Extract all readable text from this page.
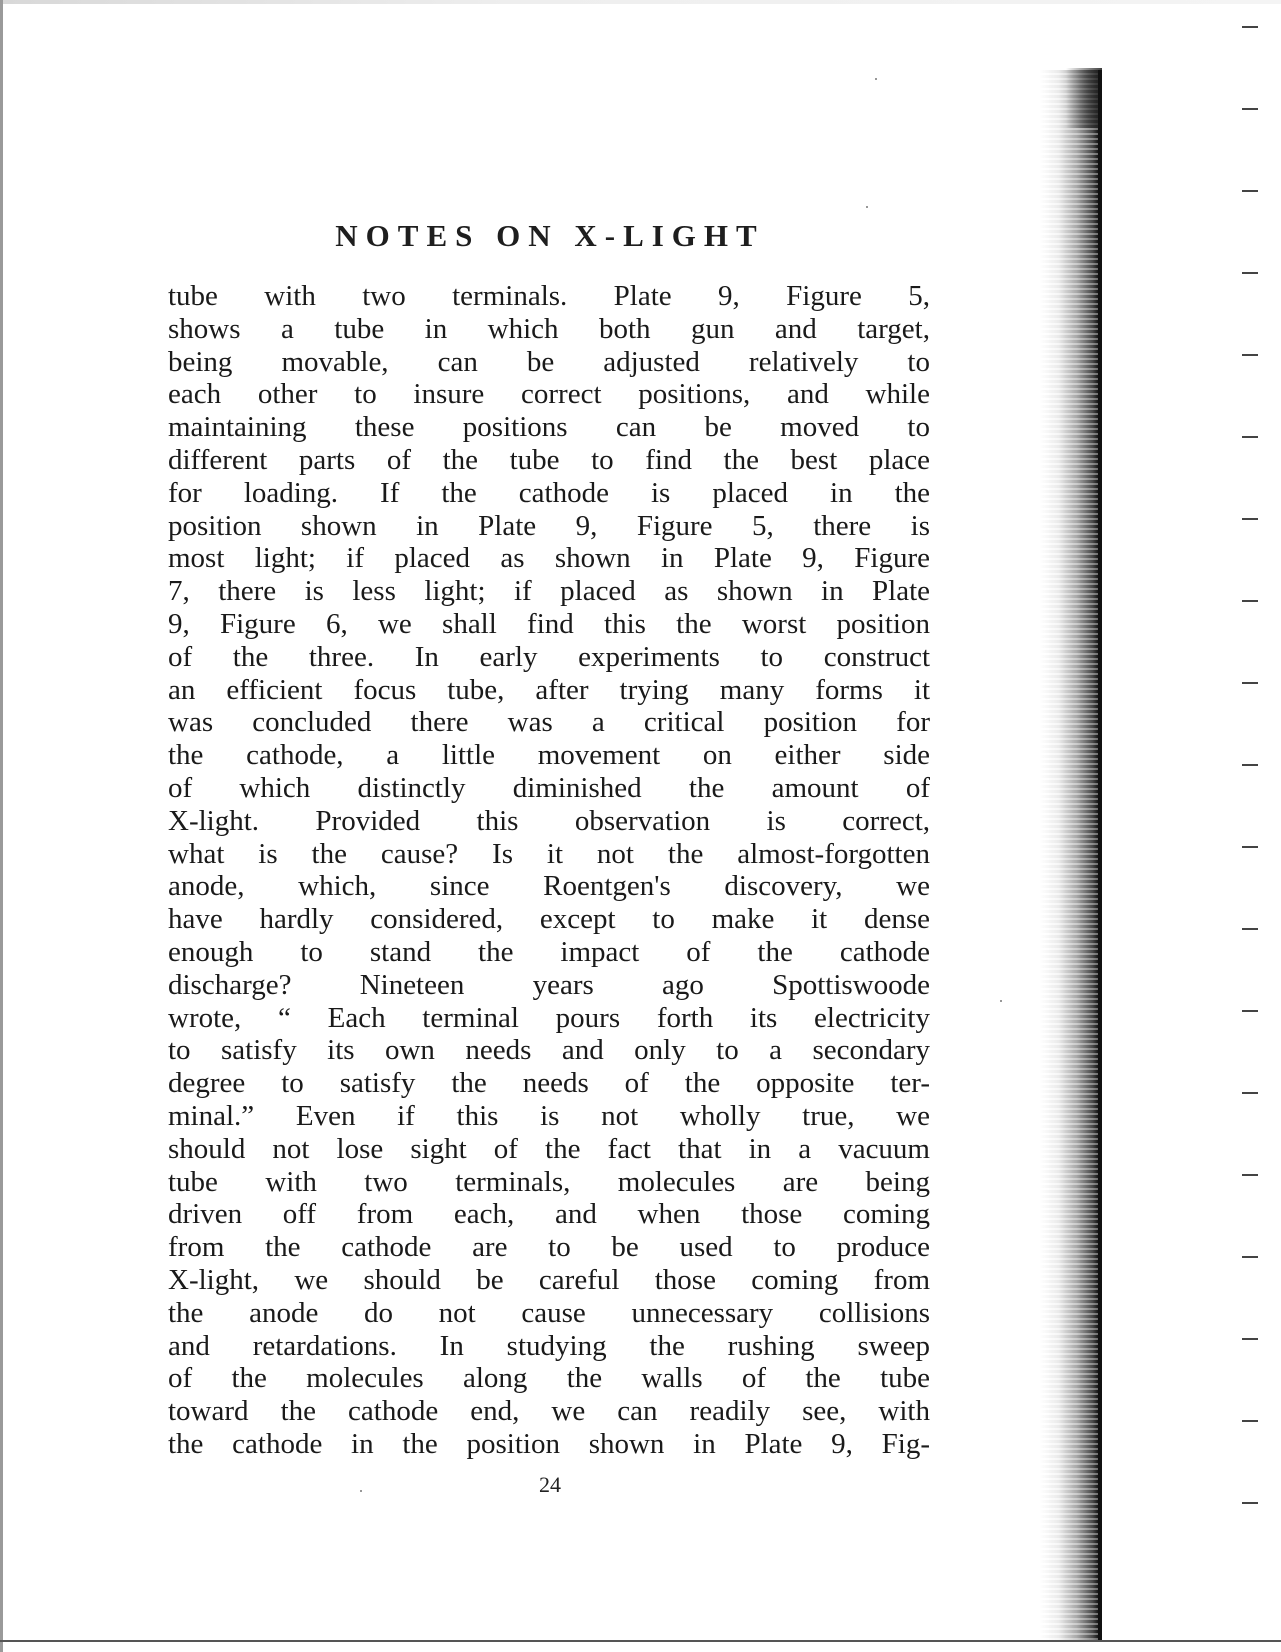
NOTES ON X-LIGHT
tube with two terminals. Plate 9, Figure 5,
shows a tube in which both gun and target,
being movable, can be adjusted relatively to
each other to insure correct positions, and while
maintaining these positions can be moved to
different parts of the tube to find the best place
for loading. If the cathode is placed in the
position shown in Plate 9, Figure 5, there is
most light; if placed as shown in Plate 9, Figure
7, there is less light; if placed as shown in Plate
9, Figure 6, we shall find this the worst position
of the three. In early experiments to construct
an efficient focus tube, after trying many forms it
was concluded there was a critical position for
the cathode, a little movement on either side
of which distinctly diminished the amount of
X-light. Provided this observation is correct,
what is the cause? Is it not the almost-forgotten
anode, which, since Roentgen's discovery, we
have hardly considered, except to make it dense
enough to stand the impact of the cathode
discharge? Nineteen years ago Spottiswoode
wrote, “ Each terminal pours forth its electricity
to satisfy its own needs and only to a secondary
degree to satisfy the needs of the opposite ter-
minal.” Even if this is not wholly true, we
should not lose sight of the fact that in a vacuum
tube with two terminals, molecules are being
driven off from each, and when those coming
from the cathode are to be used to produce
X-light, we should be careful those coming from
the anode do not cause unnecessary collisions
and retardations. In studying the rushing sweep
of the molecules along the walls of the tube
toward the cathode end, we can readily see, with
the cathode in the position shown in Plate 9, Fig-
24
